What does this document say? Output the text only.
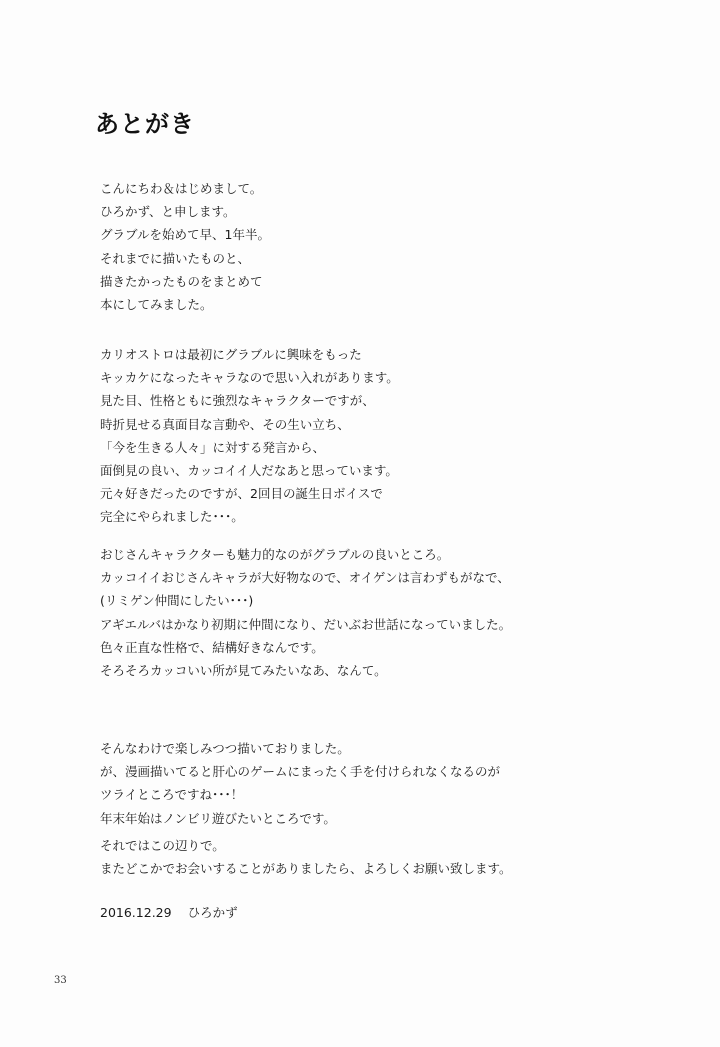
あとがき
こんにちわ＆はじめまして。
ひろかず、と申します。
グラブルを始めて早、1年半。
それまでに描いたものと、
描きたかったものをまとめて
本にしてみました。
カリオストロは最初にグラブルに興味をもった
キッカケになったキャラなので思い入れがあります。
見た目、性格ともに強烈なキャラクターですが、
時折見せる真面目な言動や、その生い立ち、
「今を生きる人々」に対する発言から、
面倒見の良い、カッコイイ人だなあと思っています。
元々好きだったのですが、2回目の誕生日ボイスで
完全にやられました･･･。
おじさんキャラクターも魅力的なのがグラブルの良いところ。
カッコイイおじさんキャラが大好物なので、オイゲンは言わずもがなで、
(リミゲン仲間にしたい･･･)
アギエルバはかなり初期に仲間になり、だいぶお世話になっていました。
色々正直な性格で、結構好きなんです。
そろそろカッコいい所が見てみたいなあ、なんて。
そんなわけで楽しみつつ描いておりました。
が、漫画描いてると肝心のゲームにまったく手を付けられなくなるのが
ツライところですね･･･！
年末年始はノンビリ遊びたいところです。
それではこの辺りで。
またどこかでお会いすることがありましたら、よろしくお願い致します。
2016.12.29 ひろかず
33
